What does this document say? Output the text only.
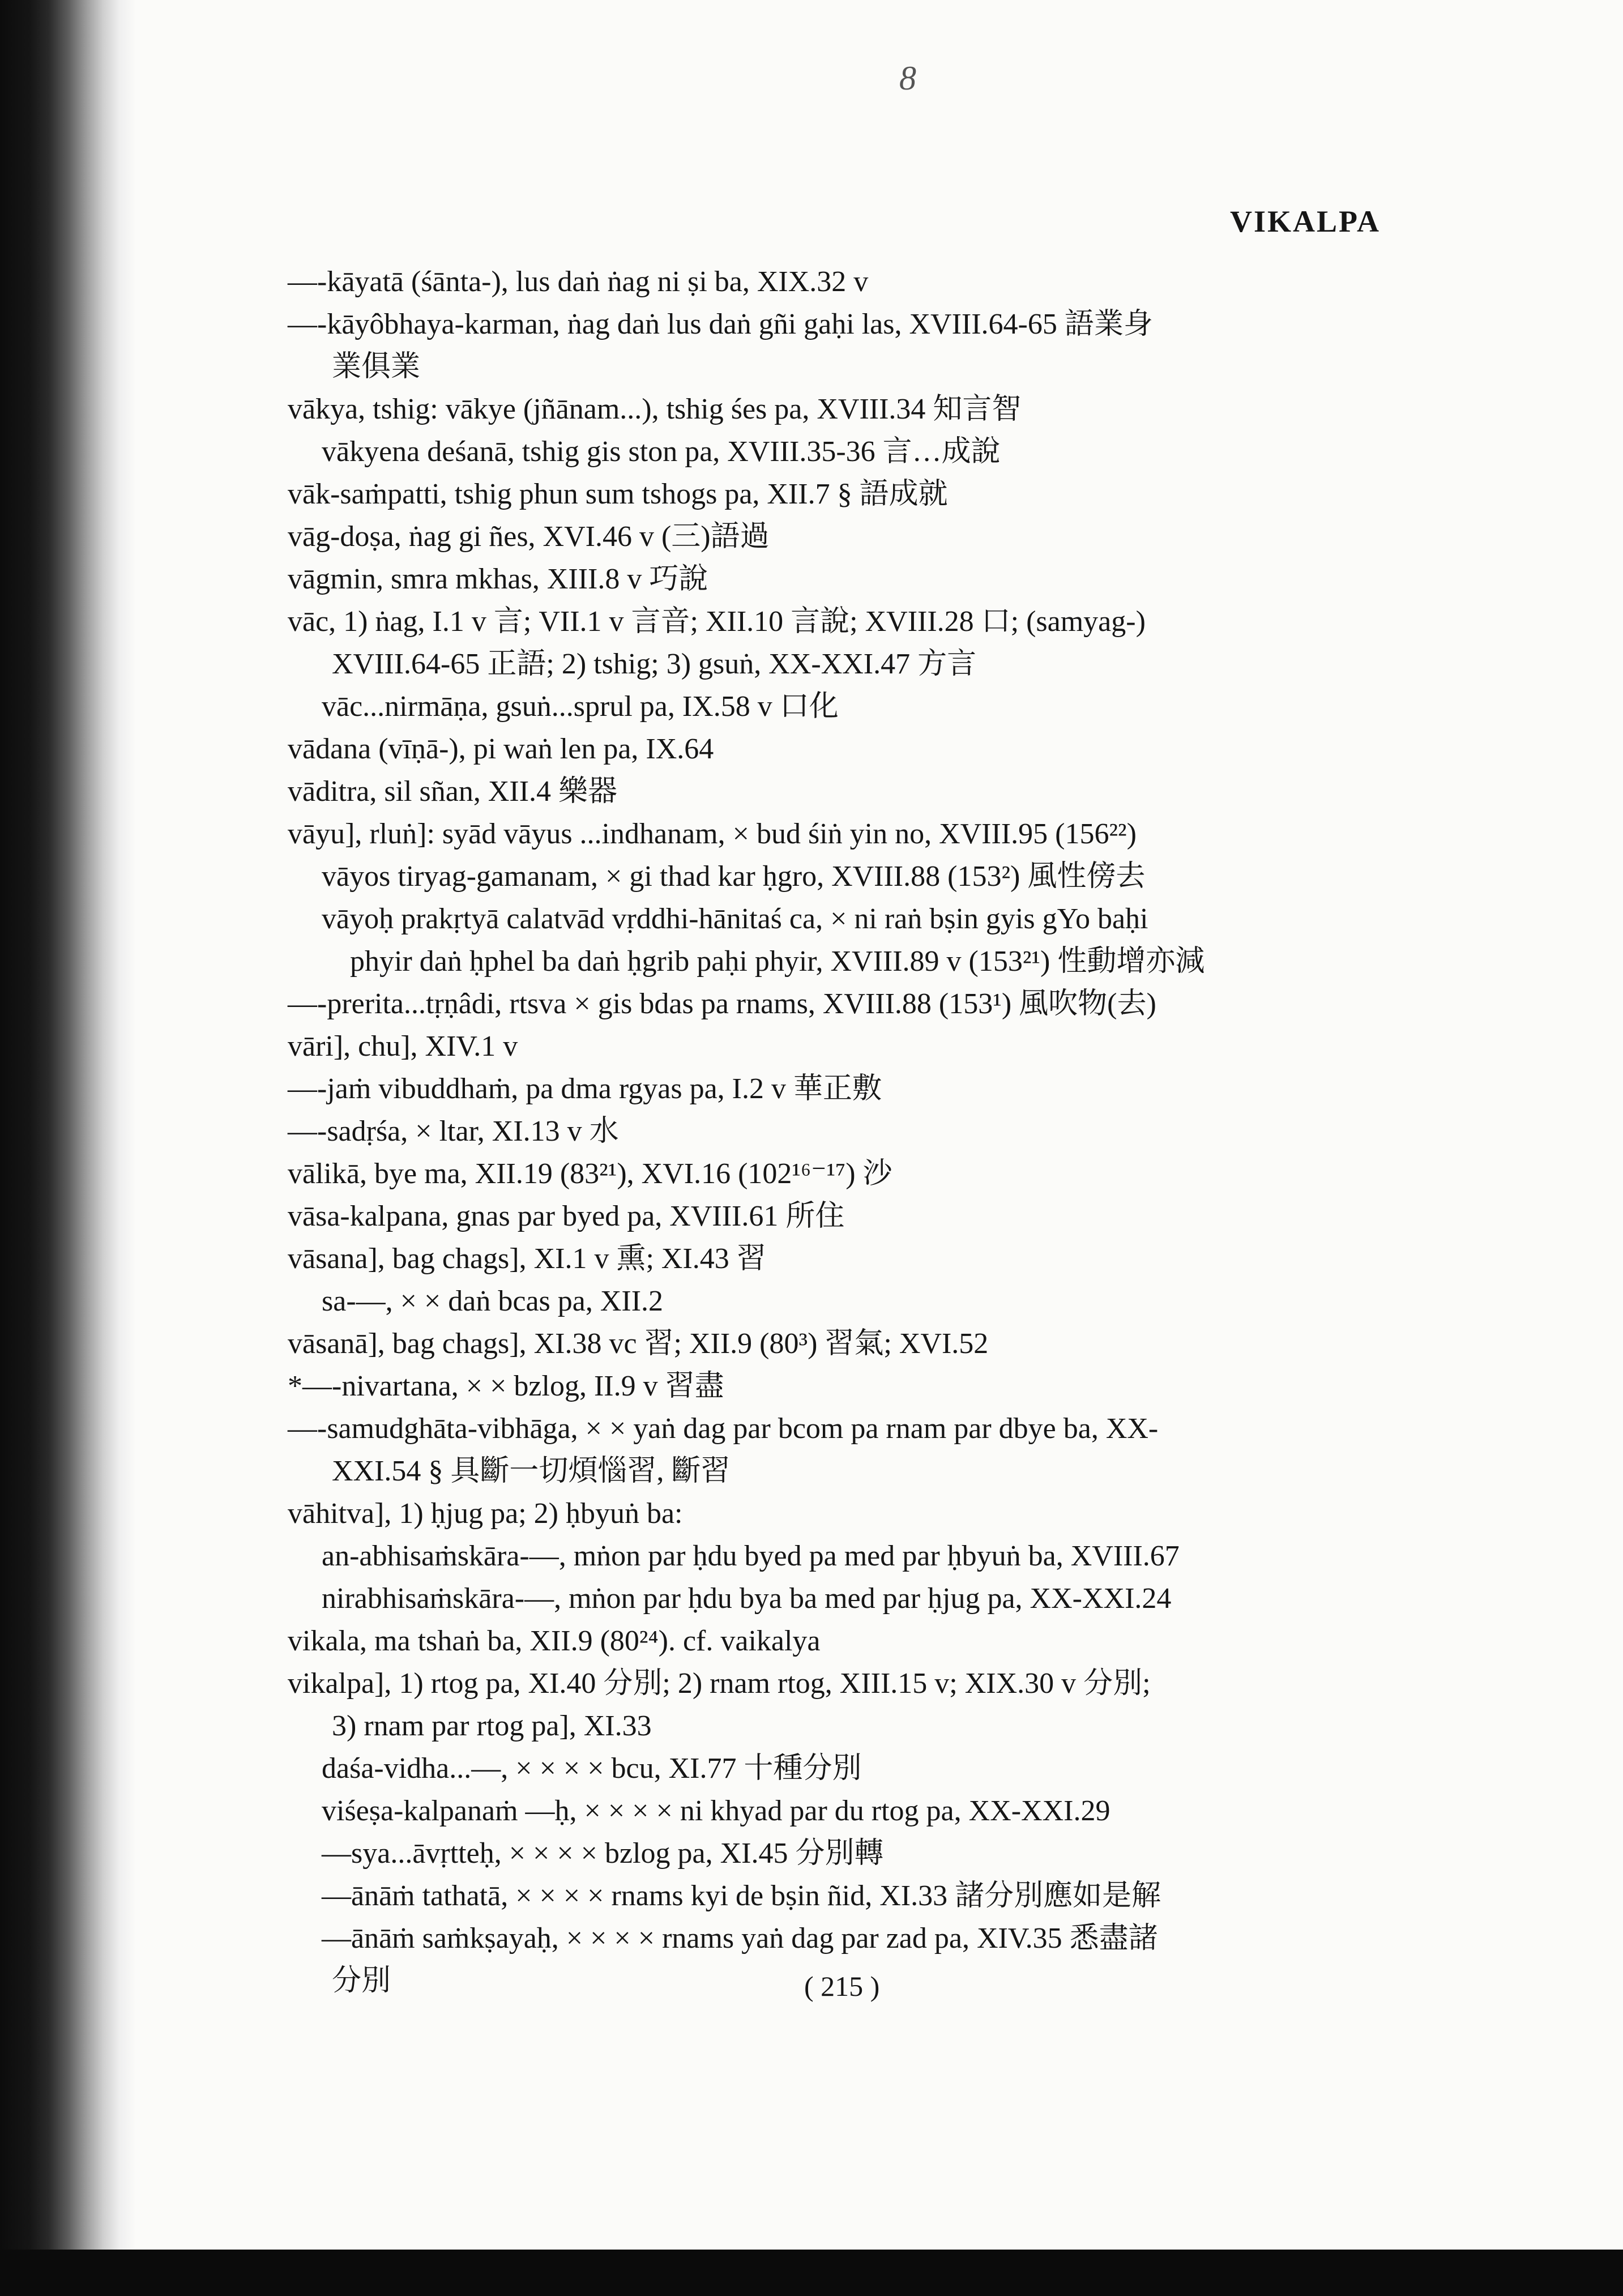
8
VIKALPA
—-kāyatā (śānta-), lus daṅ ṅag ni ṣi ba, XIX.32 v
—-kāyôbhaya-karman, ṅag daṅ lus daṅ gñi gaḥi las, XVIII.64-65 語業身
業俱業
vākya, tshig: vākye (jñānam...), tshig śes pa, XVIII.34 知言智
vākyena deśanā, tshig gis ston pa, XVIII.35-36 言…成說
vāk-saṁpatti, tshig phun sum tshogs pa, XII.7 § 語成就
vāg-doṣa, ṅag gi ñes, XVI.46 v (三)語過
vāgmin, smra mkhas, XIII.8 v 巧說
vāc, 1) ṅag, I.1 v 言; VII.1 v 言音; XII.10 言說; XVIII.28 口; (samyag-)
XVIII.64-65 正語; 2) tshig; 3) gsuṅ, XX-XXI.47 方言
vāc...nirmāṇa, gsuṅ...sprul pa, IX.58 v 口化
vādana (vīṇā-), pi waṅ len pa, IX.64
vāditra, sil sñan, XII.4 樂器
vāyu], rluṅ]: syād vāyus ...indhanam, × bud śiṅ yin no, XVIII.95 (156²²)
vāyos tiryag-gamanam, × gi thad kar ḥgro, XVIII.88 (153²) 風性傍去
vāyoḥ prakṛtyā calatvād vṛddhi-hānitaś ca, × ni raṅ bṣin gyis gYo baḥi
phyir daṅ ḥphel ba daṅ ḥgrib paḥi phyir, XVIII.89 v (153²¹) 性動增亦減
—-prerita...tṛṇâdi, rtsva × gis bdas pa rnams, XVIII.88 (153¹) 風吹物(去)
vāri], chu], XIV.1 v
—-jaṁ vibuddhaṁ, pa dma rgyas pa, I.2 v 華正敷
—-sadṛśa, × ltar, XI.13 v 水
vālikā, bye ma, XII.19 (83²¹), XVI.16 (102¹⁶⁻¹⁷) 沙
vāsa-kalpana, gnas par byed pa, XVIII.61 所住
vāsana], bag chags], XI.1 v 熏; XI.43 習
sa-—, × × daṅ bcas pa, XII.2
vāsanā], bag chags], XI.38 vc 習; XII.9 (80³) 習氣; XVI.52
*—-nivartana, × × bzlog, II.9 v 習盡
—-samudghāta-vibhāga, × × yaṅ dag par bcom pa rnam par dbye ba, XX-
XXI.54 § 具斷一切煩惱習, 斷習
vāhitva], 1) ḥjug pa; 2) ḥbyuṅ ba:
an-abhisaṁskāra-—, mṅon par ḥdu byed pa med par ḥbyuṅ ba, XVIII.67
nirabhisaṁskāra-—, mṅon par ḥdu bya ba med par ḥjug pa, XX-XXI.24
vikala, ma tshaṅ ba, XII.9 (80²⁴). cf. vaikalya
vikalpa], 1) rtog pa, XI.40 分別; 2) rnam rtog, XIII.15 v; XIX.30 v 分別;
3) rnam par rtog pa], XI.33
daśa-vidha...—, × × × × bcu, XI.77 十種分別
viśeṣa-kalpanaṁ —ḥ, × × × × ni khyad par du rtog pa, XX-XXI.29
—sya...āvṛtteḥ, × × × × bzlog pa, XI.45 分別轉
—ānāṁ tathatā, × × × × rnams kyi de bṣin ñid, XI.33 諸分別應如是解
—ānāṁ saṁkṣayaḥ, × × × × rnams yaṅ dag par zad pa, XIV.35 悉盡諸
分別	( 215 )
